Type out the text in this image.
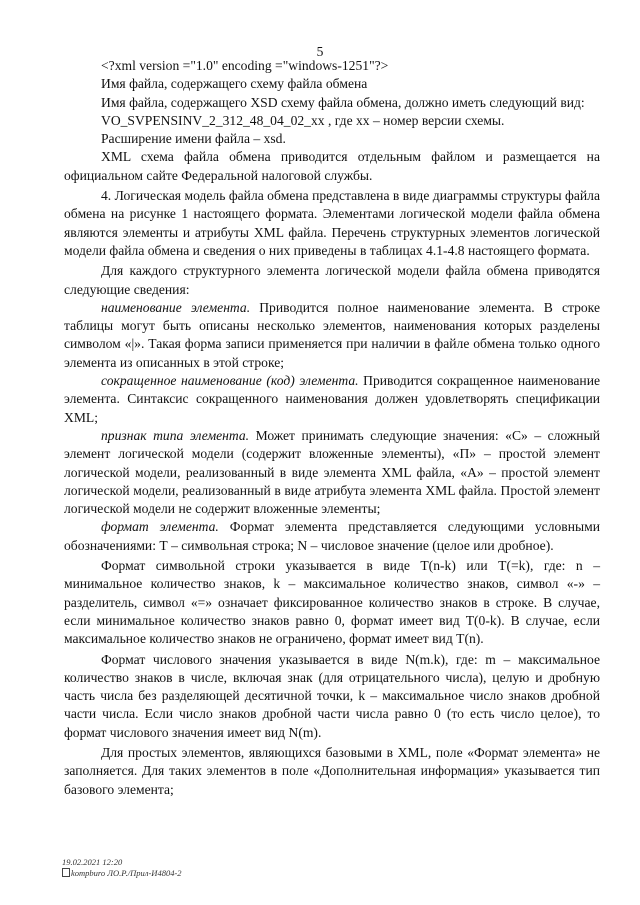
5

<?xml version ="1.0" encoding ="windows-1251"?>

Имя файла, содержащего схему файла обмена

Имя файла, содержащего XSD схему файла обмена, должно иметь следующий вид:

VO_SVPENSINV_2_312_48_04_02_xx , где xx – номер версии схемы.

Расширение имени файла – xsd.

XML схема файла обмена приводится отдельным файлом и размещается на официальном сайте Федеральной налоговой службы.

4. Логическая модель файла обмена представлена в виде диаграммы структуры файла обмена на рисунке 1 настоящего формата. Элементами логической модели файла обмена являются элементы и атрибуты XML файла. Перечень структурных элементов логической модели файла обмена и сведения о них приведены в таблицах 4.1-4.8 настоящего формата.

Для каждого структурного элемента логической модели файла обмена приводятся следующие сведения:

наименование элемента. Приводится полное наименование элемента. В строке таблицы могут быть описаны несколько элементов, наименования которых разделены символом «|». Такая форма записи применяется при наличии в файле обмена только одного элемента из описанных в этой строке;

сокращенное наименование (код) элемента. Приводится сокращенное наименование элемента. Синтаксис сокращенного наименования должен удовлетворять спецификации XML;

признак типа элемента. Может принимать следующие значения: «С» – сложный элемент логической модели (содержит вложенные элементы), «П» – простой элемент логической модели, реализованный в виде элемента XML файла, «А» – простой элемент логической модели, реализованный в виде атрибута элемента XML файла. Простой элемент логической модели не содержит вложенные элементы;

формат элемента. Формат элемента представляется следующими условными обозначениями: Т – символьная строка; N – числовое значение (целое или дробное).

Формат символьной строки указывается в виде Т(n-k) или Т(=k), где: n – минимальное количество знаков, k – максимальное количество знаков, символ «-» – разделитель, символ «=» означает фиксированное количество знаков в строке. В случае, если минимальное количество знаков равно 0, формат имеет вид Т(0-k). В случае, если максимальное количество знаков не ограничено, формат имеет вид Т(n).

Формат числового значения указывается в виде N(m.k), где: m – максимальное количество знаков в числе, включая знак (для отрицательного числа), целую и дробную часть числа без разделяющей десятичной точки, k – максимальное число знаков дробной части числа. Если число знаков дробной части числа равно 0 (то есть число целое), то формат числового значения имеет вид N(m).

Для простых элементов, являющихся базовыми в XML, поле «Формат элемента» не заполняется. Для таких элементов в поле «Дополнительная информация» указывается тип базового элемента;

19.02.2021 12:20
kompburo ЛО.Р./Прил-И4804-2
